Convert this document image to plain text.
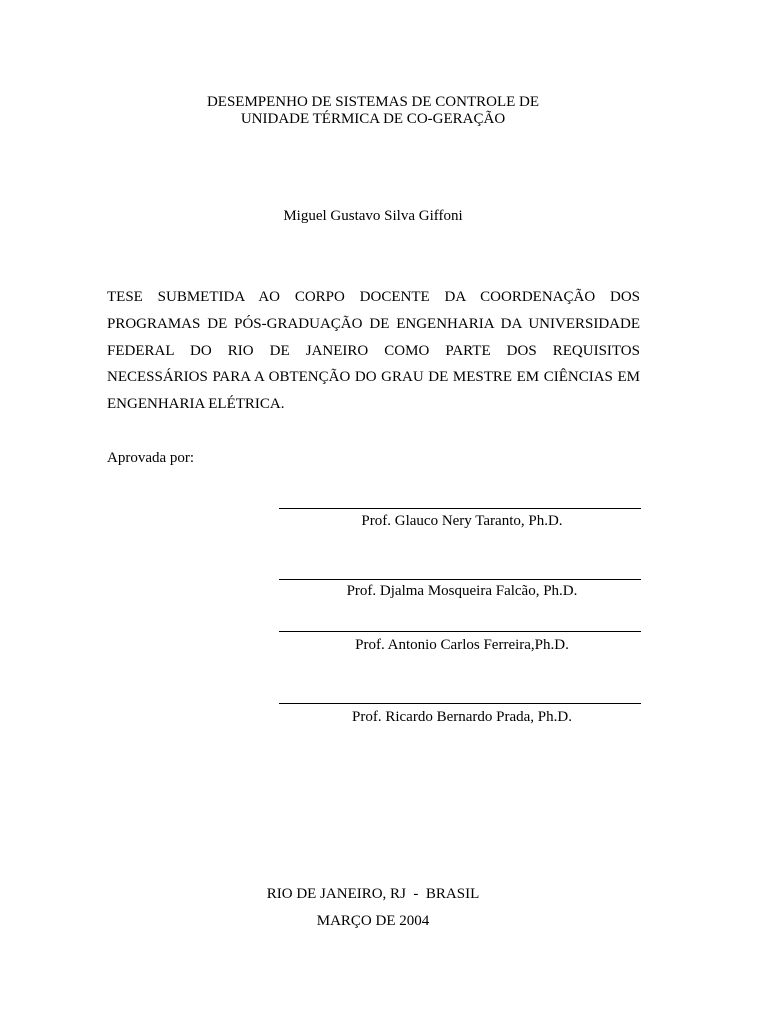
DESEMPENHO DE SISTEMAS DE CONTROLE DE
UNIDADE TÉRMICA DE CO-GERAÇÃO
Miguel Gustavo Silva Giffoni
TESE SUBMETIDA AO CORPO DOCENTE DA COORDENAÇÃO DOS
PROGRAMAS DE PÓS-GRADUAÇÃO DE ENGENHARIA DA UNIVERSIDADE
FEDERAL DO RIO DE JANEIRO COMO PARTE DOS REQUISITOS
NECESSÁRIOS PARA A OBTENÇÃO DO GRAU DE MESTRE EM CIÊNCIAS EM
ENGENHARIA ELÉTRICA.
Aprovada por:
Prof. Glauco Nery Taranto, Ph.D.
Prof. Djalma Mosqueira Falcão, Ph.D.
Prof. Antonio Carlos Ferreira,Ph.D.
Prof. Ricardo Bernardo Prada, Ph.D.
RIO DE JANEIRO, RJ  -  BRASIL
MARÇO DE 2004
